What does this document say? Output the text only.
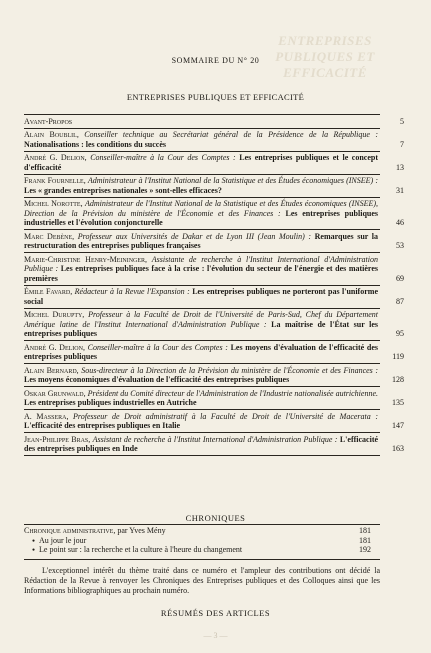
ENTREPRISES PUBLIQUES ET EFFICACITÉ
SOMMAIRE DU N° 20
ENTREPRISES PUBLIQUES ET EFFICACITÉ
Avant-Propos	5
Alain Boublil, Conseiller technique au Secrétariat général de la Présidence de la République : Nationalisations : les conditions du succès	7
André G. Delion, Conseiller-maître à la Cour des Comptes : Les entreprises publiques et le concept d'efficacité	13
Frank Fournelle, Administrateur à l'Institut National de la Statistique et des Études économiques (INSEE) : Les « grandes entreprises nationales » sont-elles efficaces?	31
Michel Norotte, Administrateur de l'Institut National de la Statistique et des Études économiques (INSEE), Direction de la Prévision du ministère de l'Économie et des Finances : Les entreprises publiques industrielles et l'évolution conjoncturelle	46
Marc Debène, Professeur aux Universités de Dakar et de Lyon III (Jean Moulin) : Remarques sur la restructuration des entreprises publiques françaises	53
Marie-Christine Henry-Meininger, Assistante de recherche à l'Institut International d'Administration Publique : Les entreprises publiques face à la crise : l'évolution du secteur de l'énergie et des matières premières	69
Émile Favard, Rédacteur à la Revue l'Expansion : Les entreprises publiques ne porteront pas l'uniforme social	87
Michel Durupty, Professeur à la Faculté de Droit de l'Université de Paris-Sud, Chef du Département Amérique latine de l'Institut International d'Administration Publique : La maîtrise de l'État sur les entreprises publiques	95
André G. Delion, Conseiller-maître à la Cour des Comptes : Les moyens d'évaluation de l'efficacité des entreprises publiques	119
Alain Bernard, Sous-directeur à la Direction de la Prévision du ministère de l'Économie et des Finances : Les moyens économiques d'évaluation de l'efficacité des entreprises publiques	128
Oskar Grunwald, Président du Comité directeur de l'Administration de l'Industrie nationalisée autrichienne. Les entreprises publiques industrielles en Autriche	135
A. Massera, Professeur de Droit administratif à la Faculté de Droit de l'Université de Macerata : L'efficacité des entreprises publiques en Italie	147
Jean-Philippe Bras, Assistant de recherche à l'Institut International d'Administration Publique : L'efficacité des entreprises publiques en Inde	163
CHRONIQUES
Chronique administrative, par Yves Mény	181
● Au jour le jour	181
● Le point sur : la recherche et la culture à l'heure du changement	192
L'exceptionnel intérêt du thème traité dans ce numéro et l'ampleur des contributions ont décidé la Rédaction de la Revue à renvoyer les Chroniques des Entreprises publiques et des Colloques ainsi que les Informations bibliographiques au prochain numéro.
RÉSUMÉS DES ARTICLES
— 3 —
